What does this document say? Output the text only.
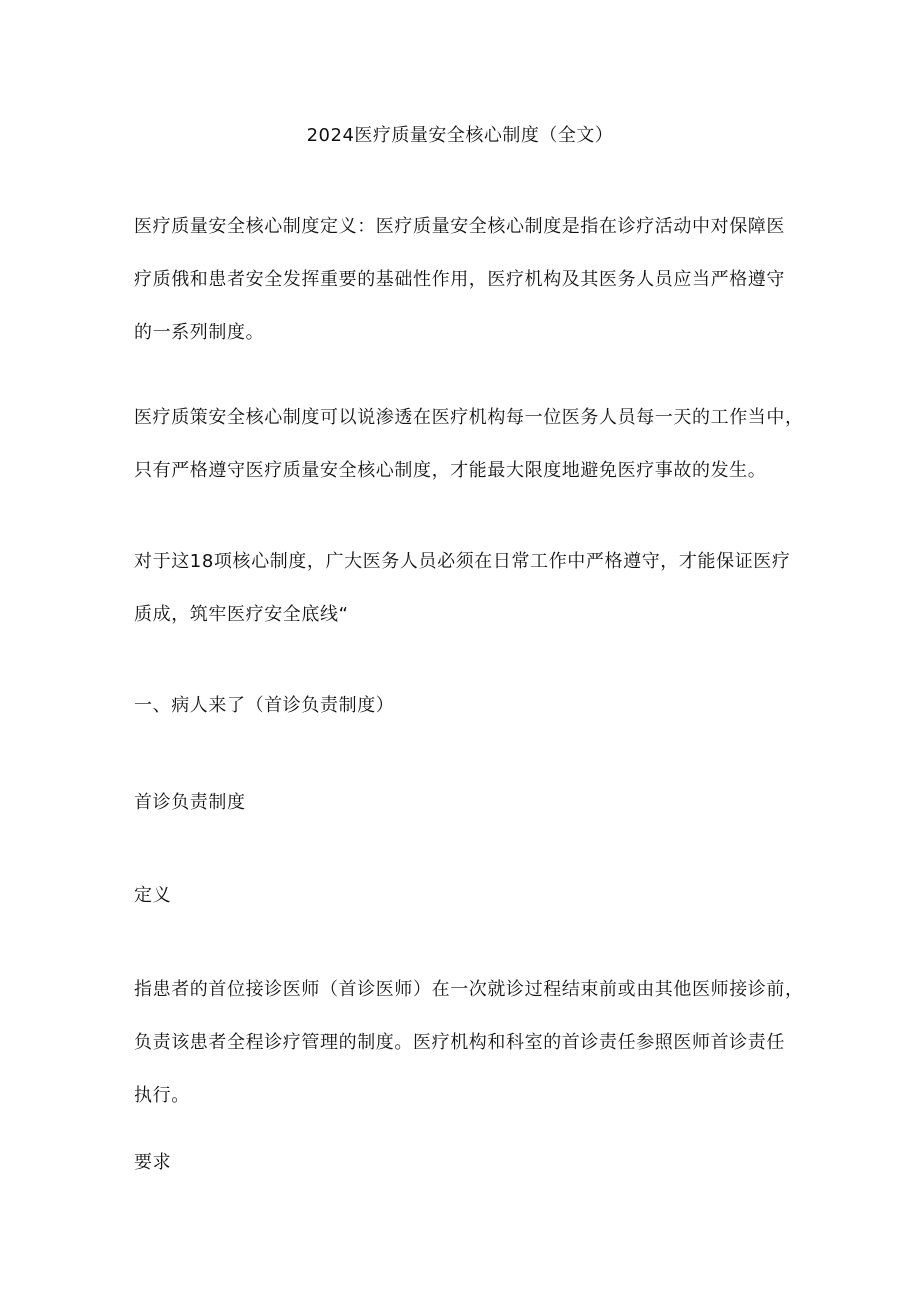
2024医疗质量安全核心制度（全文）
医疗质量安全核心制度定义：医疗质量安全核心制度是指在诊疗活动中对保障医
疗质俄和患者安全发挥重要的基础性作用，医疗机构及其医务人员应当严格遵守
的一系列制度。
医疗质策安全核心制度可以说渗透在医疗机构每一位医务人员每一天的工作当中，
只有严格遵守医疗质量安全核心制度，才能最大限度地避免医疗事故的发生。
对于这18项核心制度，广大医务人员必须在日常工作中严格遵守，才能保证医疗
质成，筑牢医疗安全底线“
一、病人来了（首诊负责制度）
首诊负责制度
定义
指患者的首位接诊医师（首诊医师）在一次就诊过程结束前或由其他医师接诊前，
负责该患者全程诊疗管理的制度。医疗机构和科室的首诊责任参照医师首诊责任
执行。
要求
